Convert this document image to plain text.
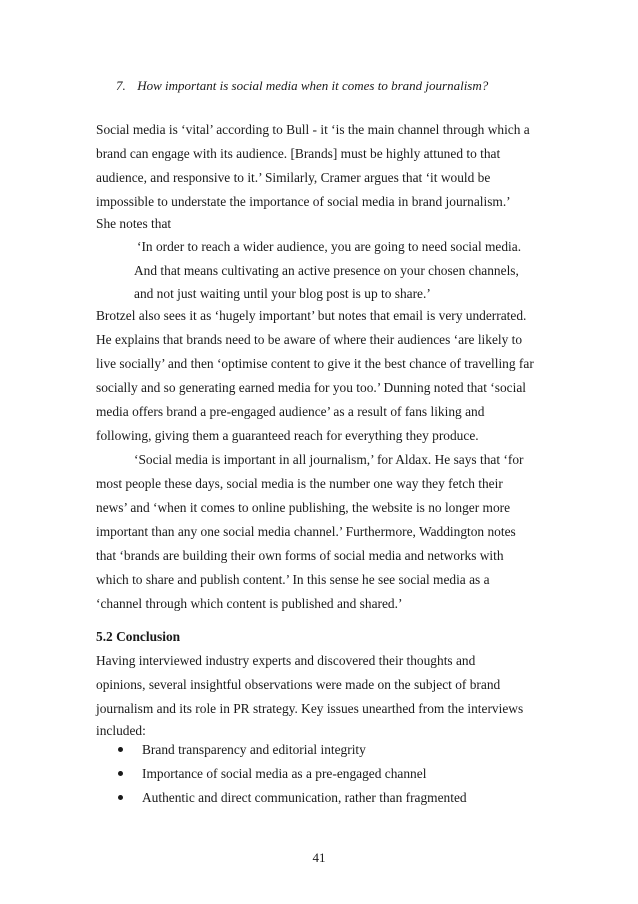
7. How important is social media when it comes to brand journalism?
Social media is ‘vital’ according to Bull - it ‘is the main channel through which a
brand can engage with its audience. [Brands] must be highly attuned to that
audience, and responsive to it.’ Similarly, Cramer argues that ‘it would be
impossible to understate the importance of social media in brand journalism.’
She notes that
‘In order to reach a wider audience, you are going to need social media.
And that means cultivating an active presence on your chosen channels,
and not just waiting until your blog post is up to share.’
Brotzel also sees it as ‘hugely important’ but notes that email is very underrated.
He explains that brands need to be aware of where their audiences ‘are likely to
live socially’ and then ‘optimise content to give it the best chance of travelling far
socially and so generating earned media for you too.’ Dunning noted that ‘social
media offers brand a pre-engaged audience’ as a result of fans liking and
following, giving them a guaranteed reach for everything they produce.
‘Social media is important in all journalism,’ for Aldax. He says that ‘for
most people these days, social media is the number one way they fetch their
news’ and ‘when it comes to online publishing, the website is no longer more
important than any one social media channel.’ Furthermore, Waddington notes
that ‘brands are building their own forms of social media and networks with
which to share and publish content.’ In this sense he see social media as a
‘channel through which content is published and shared.’
5.2 Conclusion
Having interviewed industry experts and discovered their thoughts and
opinions, several insightful observations were made on the subject of brand
journalism and its role in PR strategy. Key issues unearthed from the interviews
included:
Brand transparency and editorial integrity
Importance of social media as a pre-engaged channel
Authentic and direct communication, rather than fragmented
41
